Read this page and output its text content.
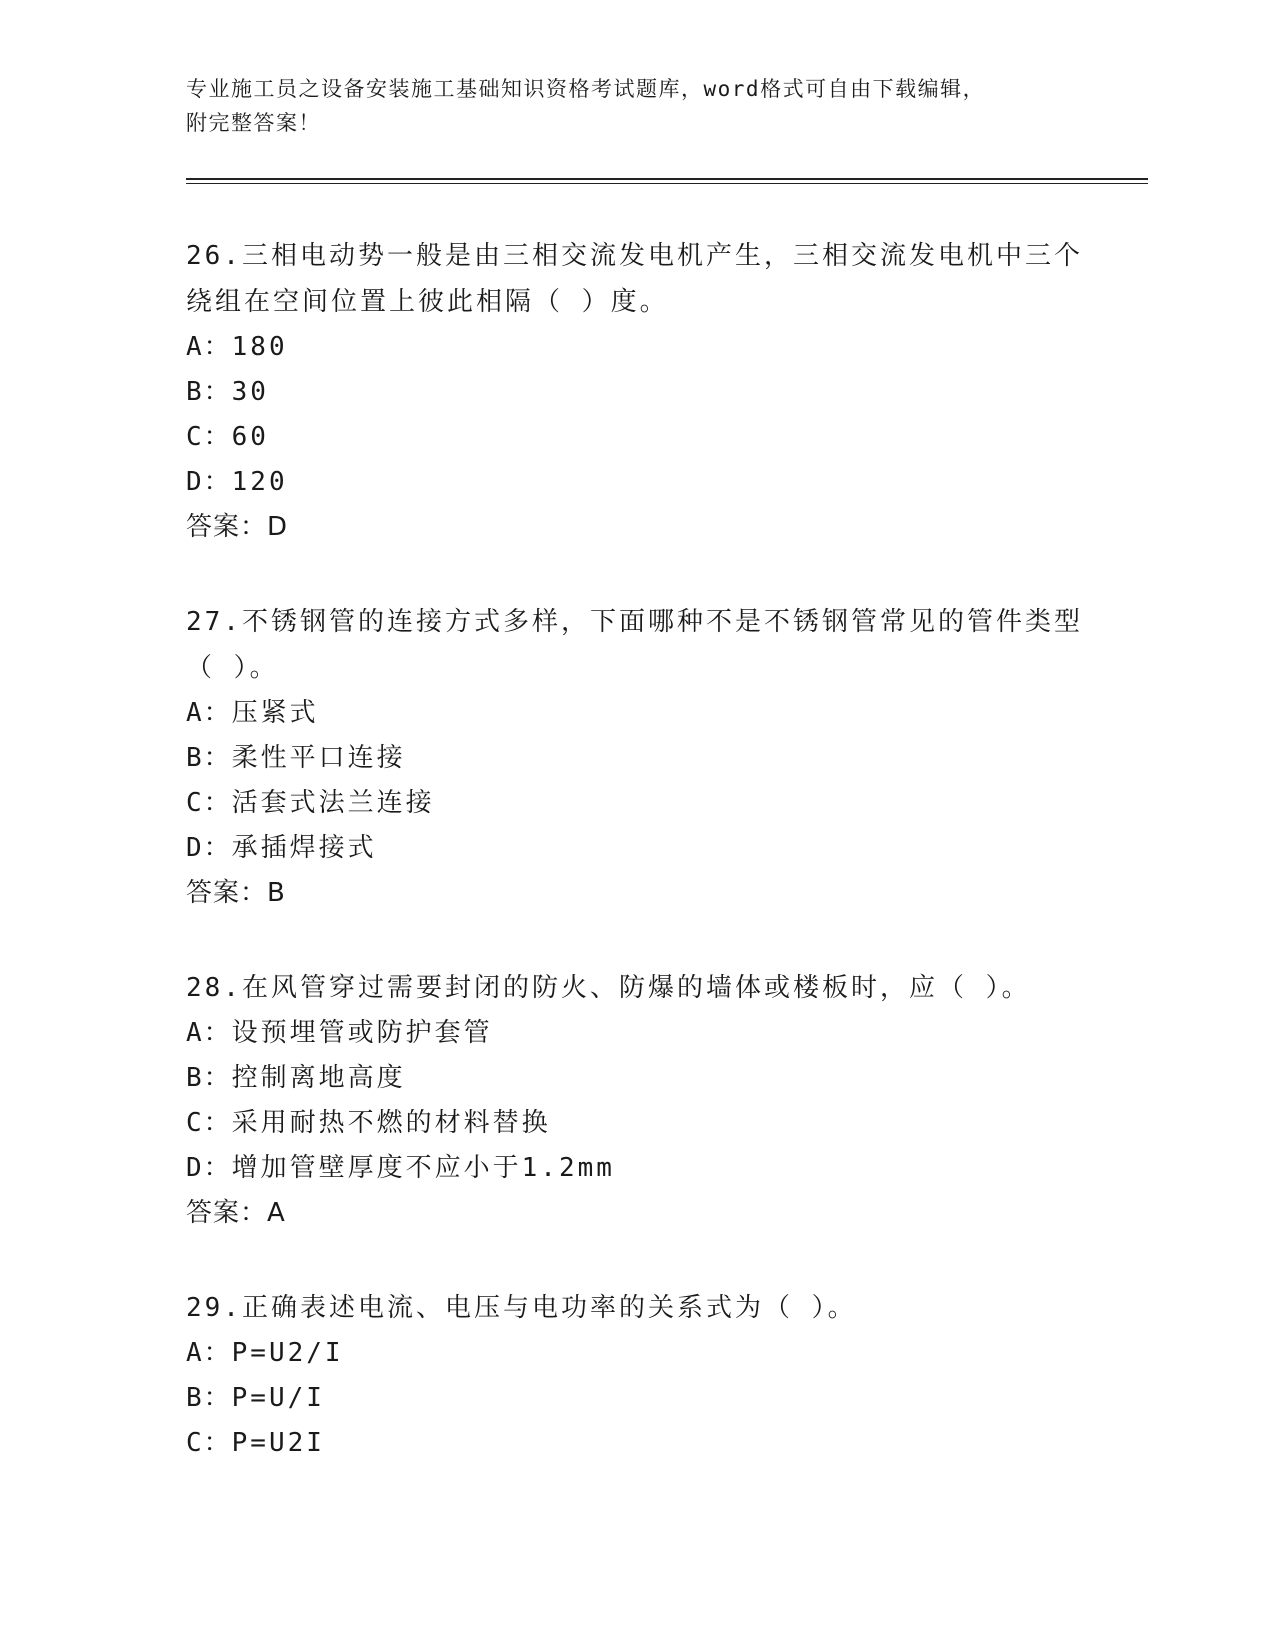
专业施工员之设备安装施工基础知识资格考试题库，word格式可自由下载编辑，
附完整答案！

26.三相电动势一般是由三相交流发电机产生，三相交流发电机中三个
绕组在空间位置上彼此相隔（ ）度。

A：180
B：30
C：60
D：120
答案：D

27.不锈钢管的连接方式多样，下面哪种不是不锈钢管常见的管件类型
（ ）。

A：压紧式
B：柔性平口连接
C：活套式法兰连接
D：承插焊接式
答案：B

28.在风管穿过需要封闭的防火、防爆的墙体或楼板时，应（ ）。

A：设预埋管或防护套管
B：控制离地高度
C：采用耐热不燃的材料替换
D：增加管壁厚度不应小于1.2mm
答案：A

29.正确表述电流、电压与电功率的关系式为（ ）。

A：P=U2/I
B：P=U/I
C：P=U2I
